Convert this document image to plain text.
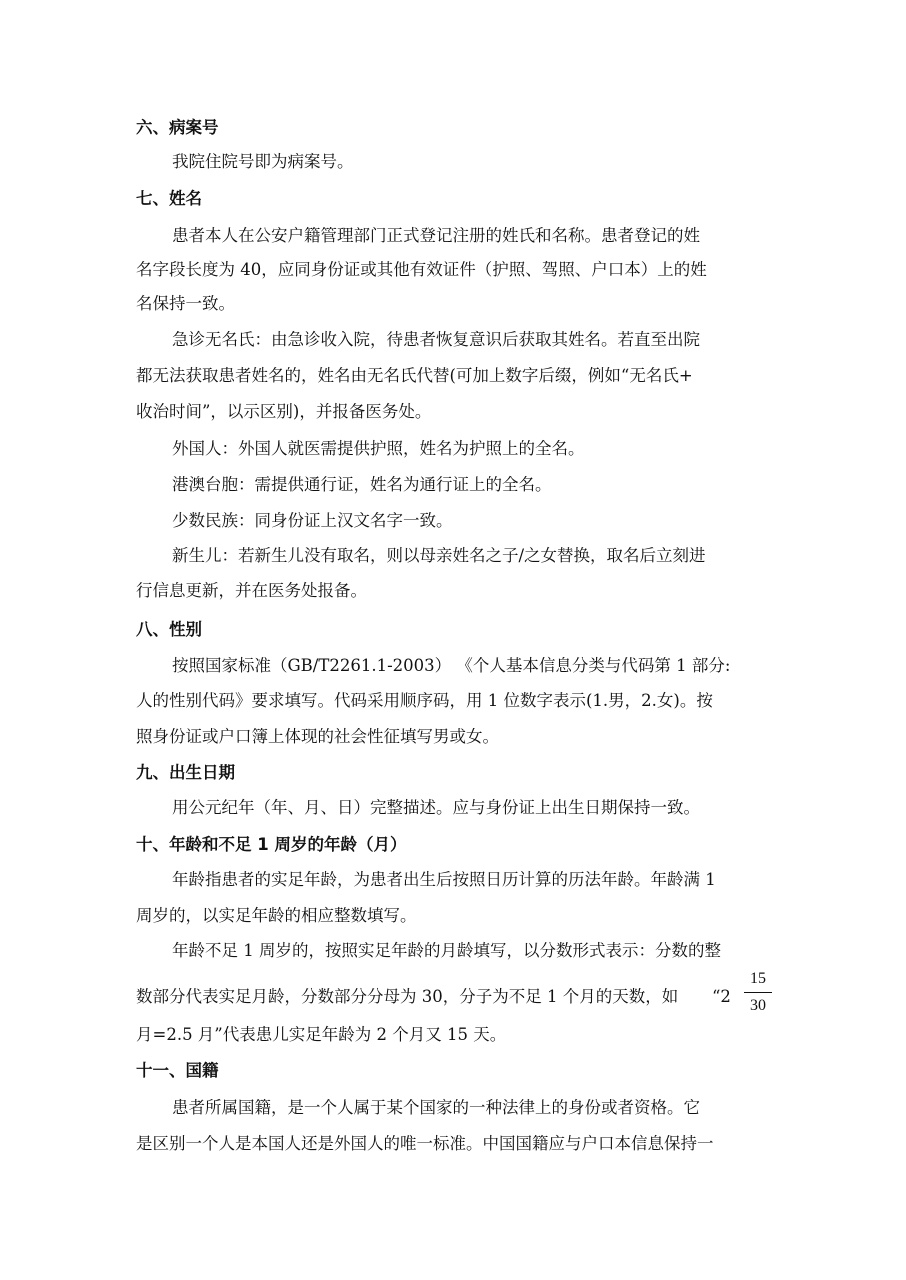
六、病案号
我院住院号即为病案号。
七、姓名
患者本人在公安户籍管理部门正式登记注册的姓氏和名称。患者登记的姓
名字段长度为 40，应同身份证或其他有效证件（护照、驾照、户口本）上的姓
名保持一致。
急诊无名氏：由急诊收入院，待患者恢复意识后获取其姓名。若直至出院
都无法获取患者姓名的，姓名由无名氏代替(可加上数字后缀，例如“无名氏+
收治时间”，以示区别)，并报备医务处。
外国人：外国人就医需提供护照，姓名为护照上的全名。
港澳台胞：需提供通行证，姓名为通行证上的全名。
少数民族：同身份证上汉文名字一致。
新生儿：若新生儿没有取名，则以母亲姓名之子/之女替换，取名后立刻进
行信息更新，并在医务处报备。
八、性别
按照国家标准（GB/T2261.1-2003） 《个人基本信息分类与代码第 1 部分:
人的性别代码》要求填写。代码采用顺序码，用 1 位数字表示(1.男，2.女)。按
照身份证或户口簿上体现的社会性征填写男或女。
九、出生日期
用公元纪年（年、月、日）完整描述。应与身份证上出生日期保持一致。
十、年龄和不足 1 周岁的年龄（月）
年龄指患者的实足年龄，为患者出生后按照日历计算的历法年龄。年龄满 1
周岁的，以实足年龄的相应整数填写。
年龄不足 1 周岁的，按照实足年龄的月龄填写，以分数形式表示：分数的整
数部分代表实足月龄，分数部分分母为 30，分子为不足 1 个月的天数，如 “2
15
30
月=2.5 月”代表患儿实足年龄为 2 个月又 15 天。
十一、国籍
患者所属国籍，是一个人属于某个国家的一种法律上的身份或者资格。它
是区别一个人是本国人还是外国人的唯一标准。中国国籍应与户口本信息保持一
